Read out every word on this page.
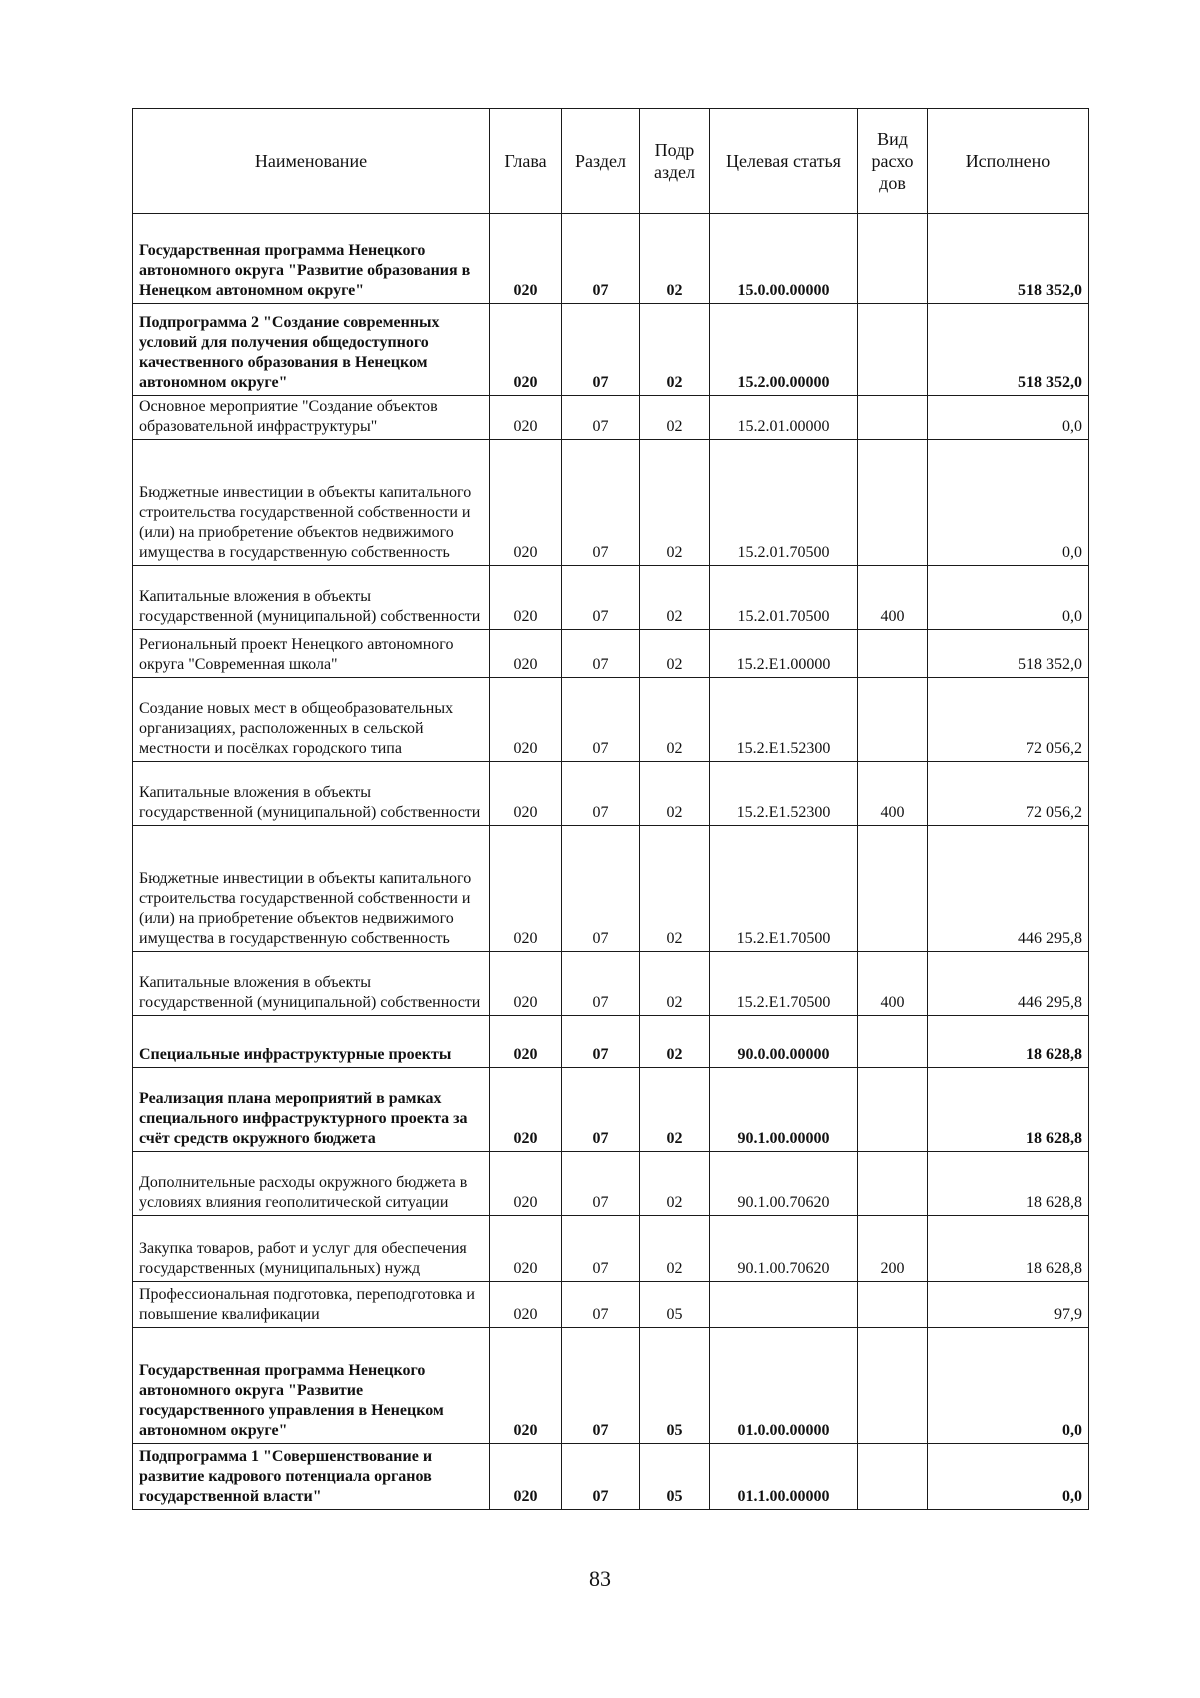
Наименование	Глава	Раздел	Подр аздел	Целевая статья	Вид расхо дов	Исполнено
Государственная программа Ненецкого автономного округа "Развитие образования в Ненецком автономном округе"	020	07	02	15.0.00.00000		518 352,0
Подпрограмма 2 "Создание современных условий для получения общедоступного качественного образования в Ненецком автономном округе"	020	07	02	15.2.00.00000		518 352,0
Основное мероприятие "Создание объектов образовательной инфраструктуры"	020	07	02	15.2.01.00000		0,0
Бюджетные инвестиции в объекты капитального строительства государственной собственности и (или) на приобретение объектов недвижимого имущества в государственную собственность	020	07	02	15.2.01.70500		0,0
Капитальные вложения в объекты государственной (муниципальной) собственности	020	07	02	15.2.01.70500	400	0,0
Региональный проект Ненецкого автономного округа "Современная школа"	020	07	02	15.2.E1.00000		518 352,0
Создание новых мест в общеобразовательных организациях, расположенных в сельской местности и посёлках городского типа	020	07	02	15.2.E1.52300		72 056,2
Капитальные вложения в объекты государственной (муниципальной) собственности	020	07	02	15.2.E1.52300	400	72 056,2
Бюджетные инвестиции в объекты капитального строительства государственной собственности и (или) на приобретение объектов недвижимого имущества в государственную собственность	020	07	02	15.2.E1.70500		446 295,8
Капитальные вложения в объекты государственной (муниципальной) собственности	020	07	02	15.2.E1.70500	400	446 295,8
Специальные инфраструктурные проекты	020	07	02	90.0.00.00000		18 628,8
Реализация плана мероприятий в рамках специального инфраструктурного проекта за счёт средств окружного бюджета	020	07	02	90.1.00.00000		18 628,8
Дополнительные расходы окружного бюджета в условиях влияния геополитической ситуации	020	07	02	90.1.00.70620		18 628,8
Закупка товаров, работ и услуг для обеспечения государственных (муниципальных) нужд	020	07	02	90.1.00.70620	200	18 628,8
Профессиональная подготовка, переподготовка и повышение квалификации	020	07	05			97,9
Государственная программа Ненецкого автономного округа "Развитие государственного управления в Ненецком автономном округе"	020	07	05	01.0.00.00000		0,0
Подпрограмма 1 "Совершенствование и развитие кадрового потенциала органов государственной власти"	020	07	05	01.1.00.00000		0,0
83
